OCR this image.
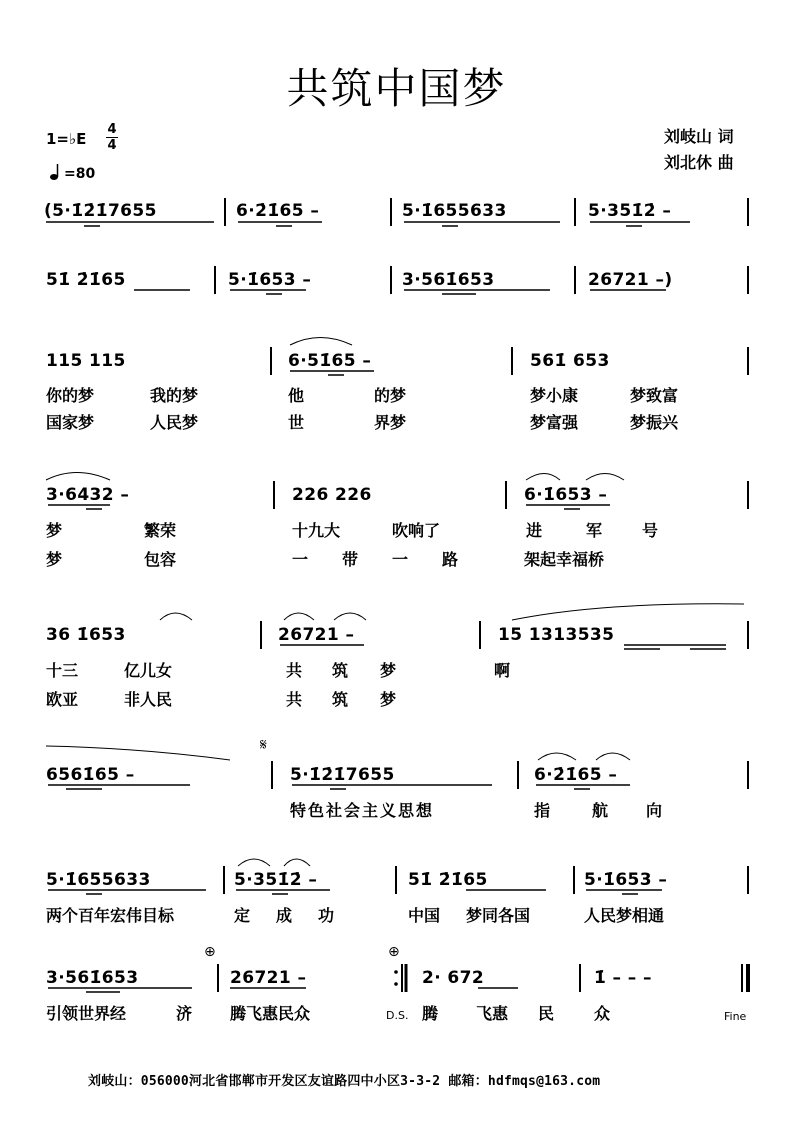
共筑中国梦
1=♭E
4
4
=80
刘岐山 词
刘北休 曲
(5·1̇2̇1̇7655	6·2̇1̇65 –	5·1̇655633	5·351̇2̇ –
51̇ 2̇1̇65	5·1̇653 –	3·561̇653	26721 –)
115 115	6·51̇65 –	561̇ 653
你的梦	我的梦	他	的梦	梦小康	梦致富
国家梦	人民梦	世	界梦	梦富强	梦振兴
3·6432 –	226 226	6·1̇653 –
梦	繁荣	十九大	吹响了	进	军 号
梦	包容	一 带 一 路	架起幸福桥
36 1̇653	26721 –	15 1313535
十三	亿儿女	共 筑 梦	啊
欧亚	非人民	共 筑 梦
𝄋
6561̇65 –	5·1̇2̇1̇7655	6·2̇1̇65 –
特色社会主义思想	指	航 向
5·1̇655633	5·351̇2̇ –	51̇ 2̇1̇65	5·1̇653 –
两个百年宏伟目标	定 成 功	中国 梦同各国	人民梦相通
⊕	⊕
3·561̇653	26721 –	2· 672	1̇ – – –
引领世界经	济 腾飞惠民众	D.S. 腾 飞惠 民 众	Fine
刘岐山：056000河北省邯郸市开发区友谊路四中小区3-3-2 邮箱：hdfmqs@163.com
